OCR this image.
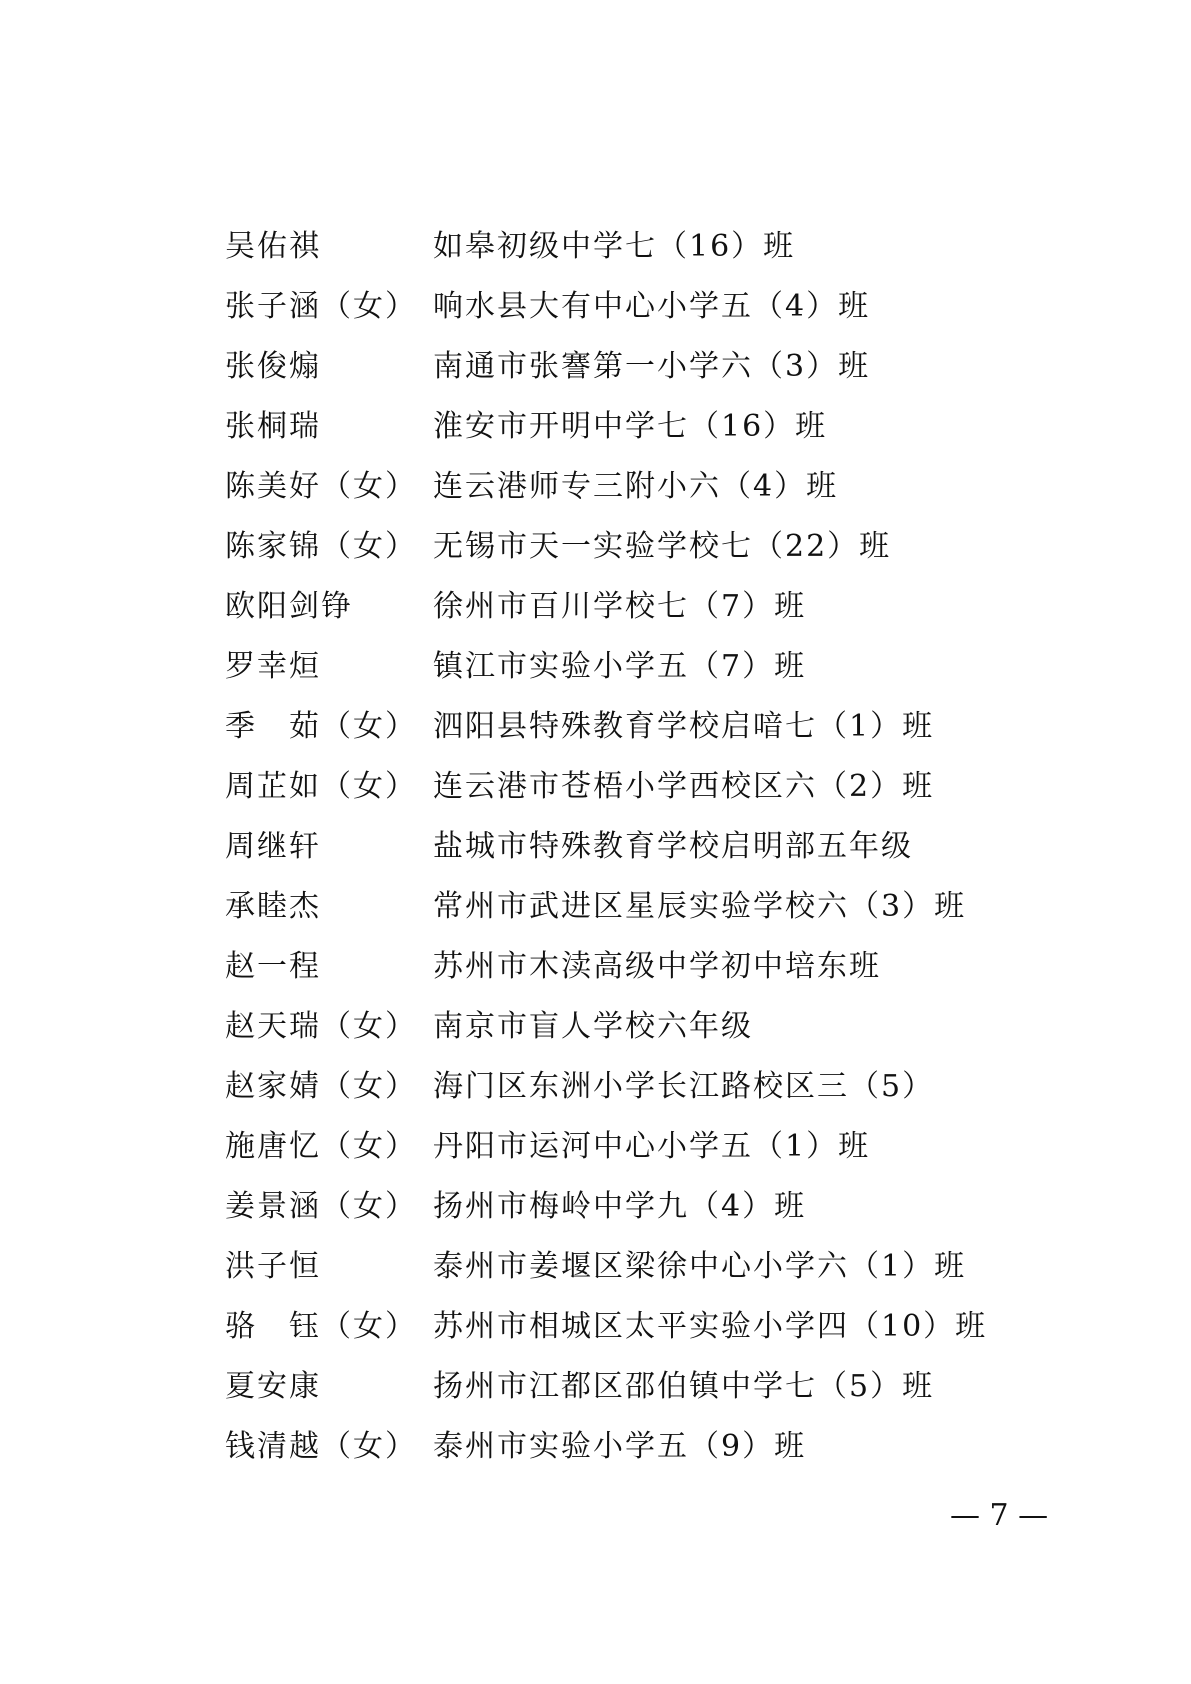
吴佑祺	如皋初级中学七（16）班
张子涵（女） 响水县大有中心小学五（4）班
张俊煽	南通市张謇第一小学六（3）班
张桐瑞	淮安市开明中学七（16）班
陈美好（女） 连云港师专三附小六（4）班
陈家锦（女） 无锡市天一实验学校七（22）班
欧阳剑铮	徐州市百川学校七（7）班
罗幸烜	镇江市实验小学五（7）班
季　茹（女） 泗阳县特殊教育学校启喑七（1）班
周芷如（女） 连云港市苍梧小学西校区六（2）班
周继轩	盐城市特殊教育学校启明部五年级
承睦杰	常州市武进区星辰实验学校六（3）班
赵一程	苏州市木渎高级中学初中培东班
赵天瑞（女） 南京市盲人学校六年级
赵家婧（女） 海门区东洲小学长江路校区三（5）
施唐忆（女） 丹阳市运河中心小学五（1）班
姜景涵（女） 扬州市梅岭中学九（4）班
洪子恒	泰州市姜堰区梁徐中心小学六（1）班
骆　钰（女） 苏州市相城区太平实验小学四（10）班
夏安康	扬州市江都区邵伯镇中学七（5）班
钱清越（女） 泰州市实验小学五（9）班
— 7 —
